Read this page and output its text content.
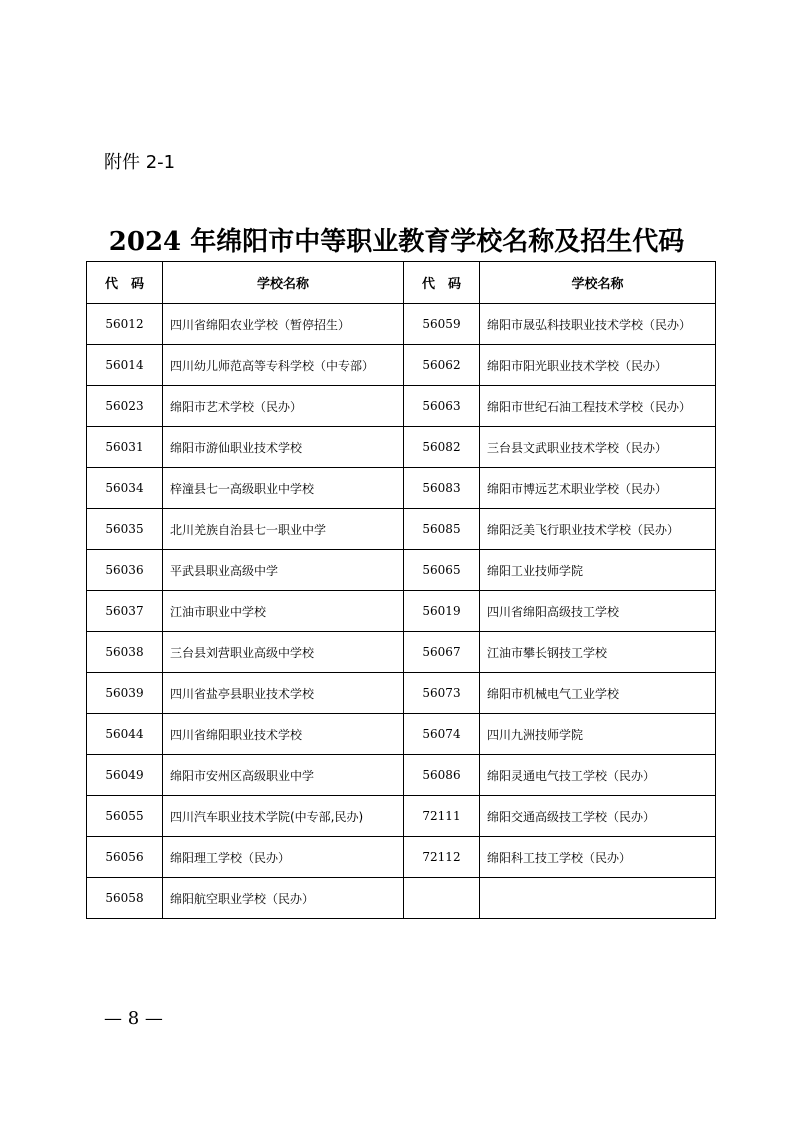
附件 2-1
2024 年绵阳市中等职业教育学校名称及招生代码
代　码	学校名称	代　码	学校名称
56012	四川省绵阳农业学校（暂停招生）	56059	绵阳市晟弘科技职业技术学校（民办）
56014	四川幼儿师范高等专科学校（中专部）	56062	绵阳市阳光职业技术学校（民办）
56023	绵阳市艺术学校（民办）	56063	绵阳市世纪石油工程技术学校（民办）
56031	绵阳市游仙职业技术学校	56082	三台县文武职业技术学校（民办）
56034	梓潼县七一高级职业中学校	56083	绵阳市博远艺术职业学校（民办）
56035	北川羌族自治县七一职业中学	56085	绵阳泛美飞行职业技术学校（民办）
56036	平武县职业高级中学	56065	绵阳工业技师学院
56037	江油市职业中学校	56019	四川省绵阳高级技工学校
56038	三台县刘营职业高级中学校	56067	江油市攀长钢技工学校
56039	四川省盐亭县职业技术学校	56073	绵阳市机械电气工业学校
56044	四川省绵阳职业技术学校	56074	四川九洲技师学院
56049	绵阳市安州区高级职业中学	56086	绵阳灵通电气技工学校（民办）
56055	四川汽车职业技术学院(中专部,民办)	72111	绵阳交通高级技工学校（民办）
56056	绵阳理工学校（民办）	72112	绵阳科工技工学校（民办）
56058	绵阳航空职业学校（民办）		
— 8 —
